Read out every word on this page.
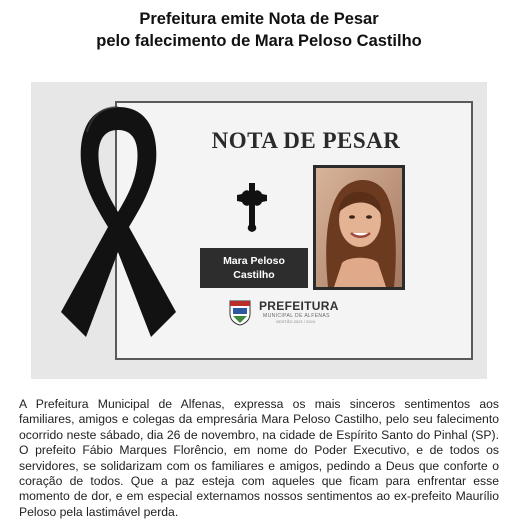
Prefeitura emite Nota de Pesar
pelo falecimento de Mara Peloso Castilho
NOTA DE PESAR
Mara Peloso
Castilho
PREFEITURA
MUNICIPAL DE ALFENAS
GESTÃO 2021 / 2024

A Prefeitura Municipal de Alfenas, expressa os mais sinceros sentimentos aos familiares, amigos e colegas da empresária Mara Peloso Castilho, pelo seu falecimento ocorrido neste sábado, dia 26 de novembro, na cidade de Espírito Santo do Pinhal (SP). O prefeito Fábio Marques Florêncio, em nome do Poder Executivo, e de todos os servidores, se solidarizam com os familiares e amigos, pedindo a Deus que conforte o coração de todos. Que a paz esteja com aqueles que ficam para enfrentar esse momento de dor, e em especial externamos nossos sentimentos ao ex-prefeito Maurílio Peloso pela lastimável perda.
